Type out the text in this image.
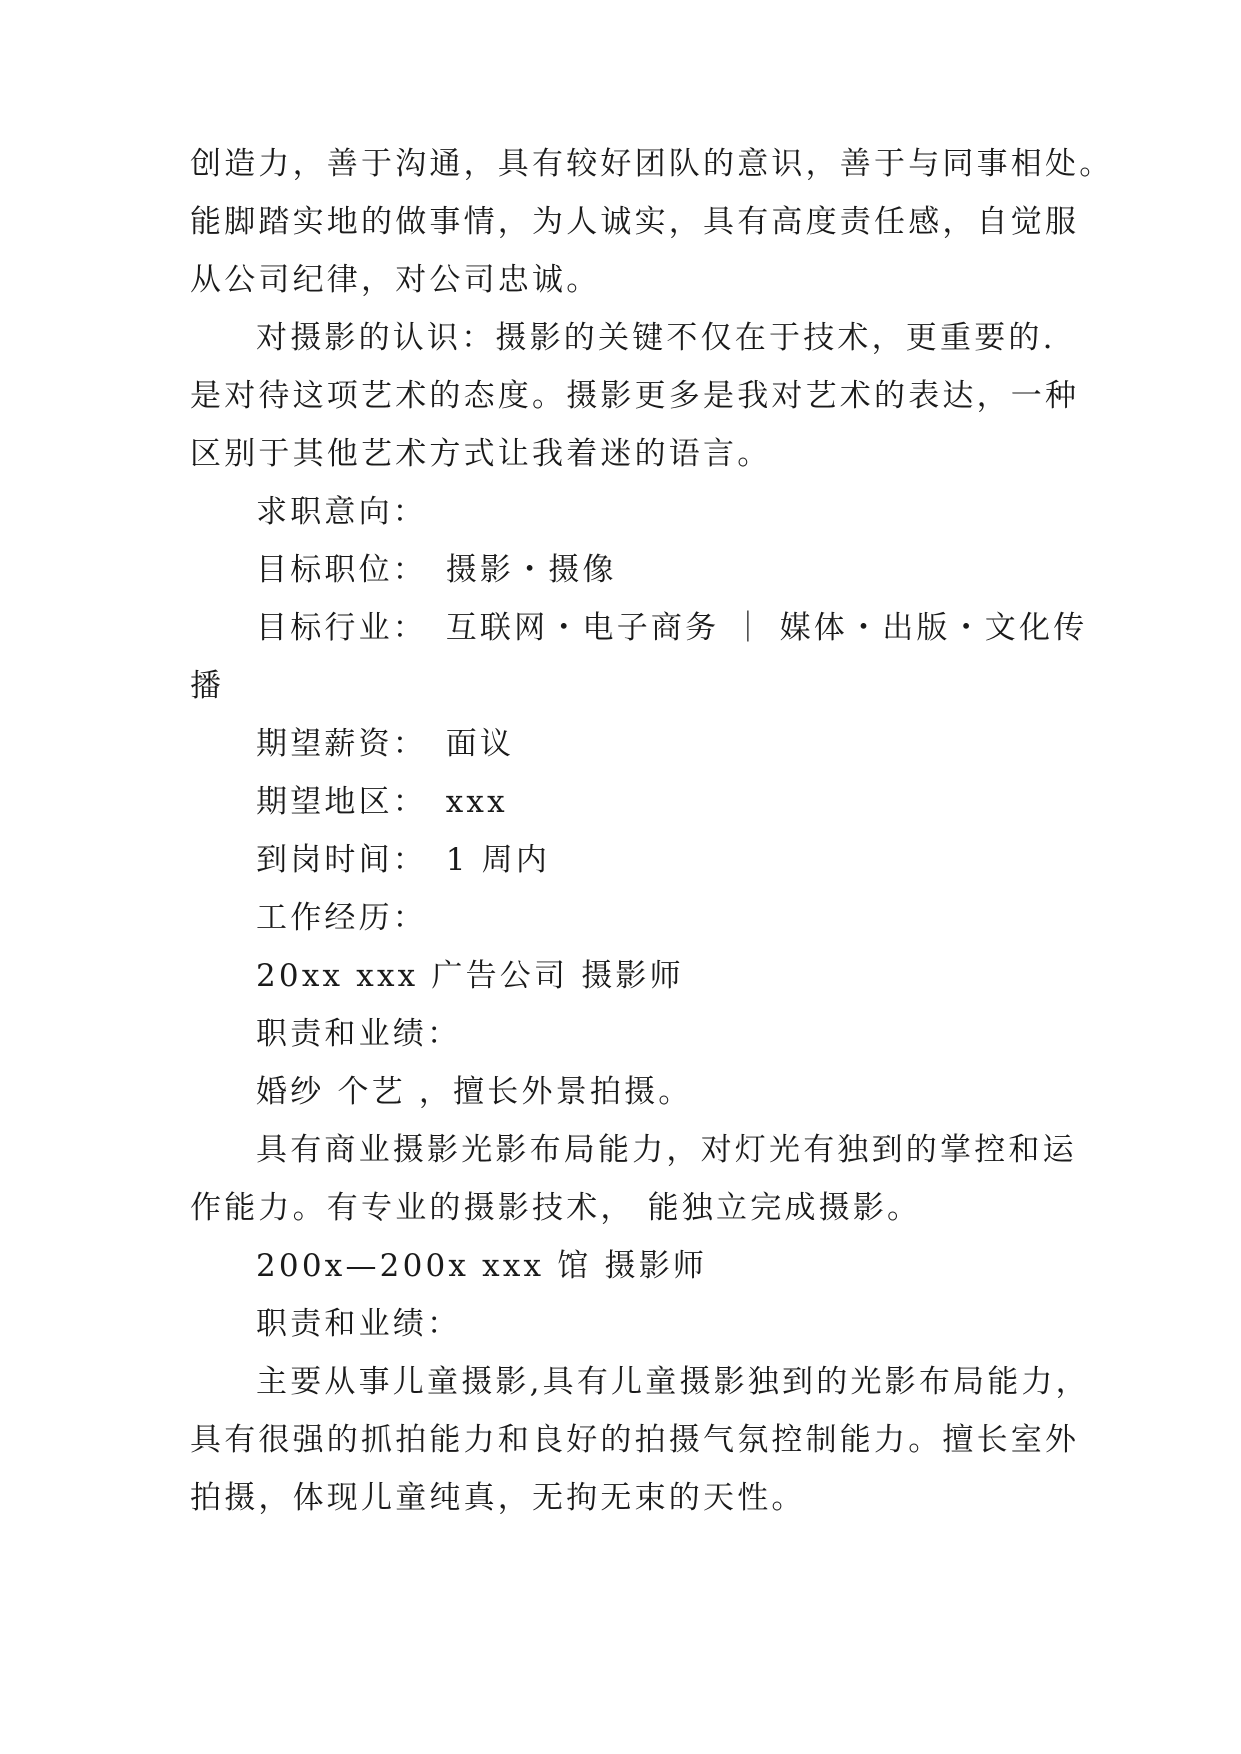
创造力，善于沟通，具有较好团队的意识，善于与同事相处。
能脚踏实地的做事情，为人诚实，具有高度责任感，自觉服
从公司纪律，对公司忠诚。
对摄影的认识：摄影的关键不仅在于技术，更重要的.
是对待这项艺术的态度。摄影更多是我对艺术的表达，一种
区别于其他艺术方式让我着迷的语言。
求职意向：
目标职位：　摄影・摄像
目标行业：　互联网・电子商务 ｜ 媒体・出版・文化传
播
期望薪资：　面议
期望地区：　xxx
到岗时间：　1 周内
工作经历：
20xx xxx 广告公司 摄影师
职责和业绩：
婚纱 个艺 ，擅长外景拍摄。
具有商业摄影光影布局能力，对灯光有独到的掌控和运
作能力。有专业的摄影技术， 能独立完成摄影。
200x—200x xxx 馆 摄影师
职责和业绩：
主要从事儿童摄影,具有儿童摄影独到的光影布局能力，
具有很强的抓拍能力和良好的拍摄气氛控制能力。擅长室外
拍摄，体现儿童纯真，无拘无束的天性。
